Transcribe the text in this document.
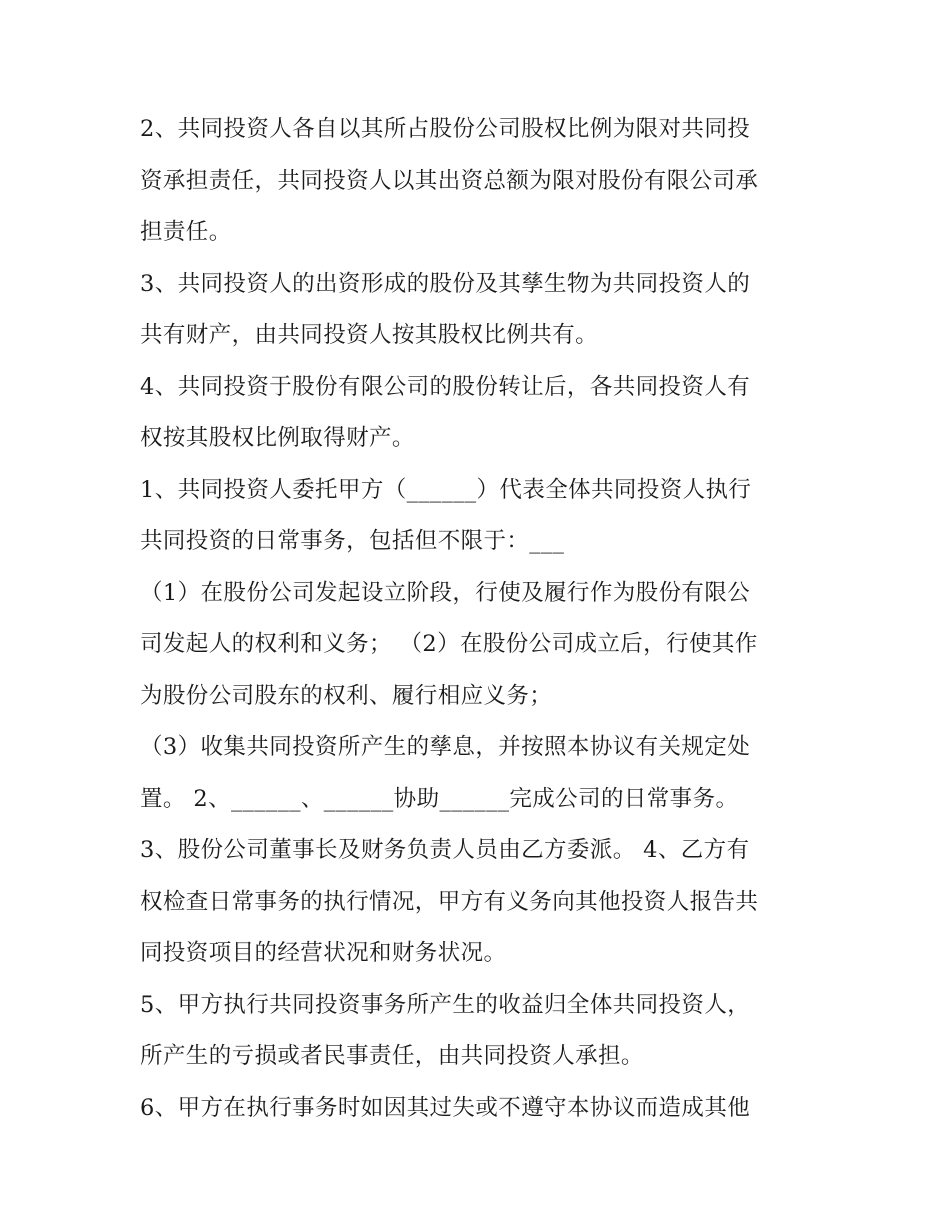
2、共同投资人各自以其所占股份公司股权比例为限对共同投
资承担责任，共同投资人以其出资总额为限对股份有限公司承
担责任。
3、共同投资人的出资形成的股份及其孳生物为共同投资人的
共有财产，由共同投资人按其股权比例共有。
4、共同投资于股份有限公司的股份转让后，各共同投资人有
权按其股权比例取得财产。
1、共同投资人委托甲方（______）代表全体共同投资人执行
共同投资的日常事务，包括但不限于：___
（1）在股份公司发起设立阶段，行使及履行作为股份有限公
司发起人的权利和义务； （2）在股份公司成立后，行使其作
为股份公司股东的权利、履行相应义务；
（3）收集共同投资所产生的孳息，并按照本协议有关规定处
置。 2、______、______协助______完成公司的日常事务。
3、股份公司董事长及财务负责人员由乙方委派。 4、乙方有
权检查日常事务的执行情况，甲方有义务向其他投资人报告共
同投资项目的经营状况和财务状况。
5、甲方执行共同投资事务所产生的收益归全体共同投资人，
所产生的亏损或者民事责任，由共同投资人承担。
6、甲方在执行事务时如因其过失或不遵守本协议而造成其他
